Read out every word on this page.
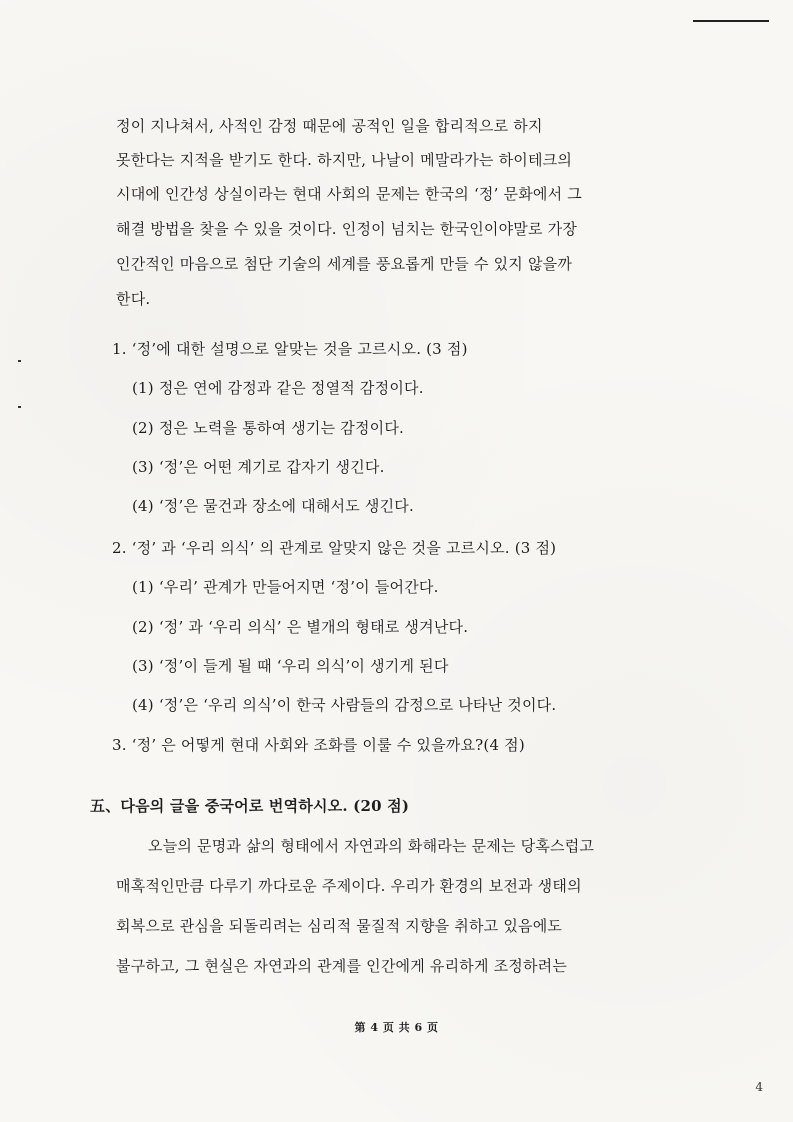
정이 지나쳐서, 사적인 감정 때문에 공적인 일을 합리적으로 하지
못한다는 지적을 받기도 한다. 하지만, 나날이 메말라가는 하이테크의
시대에 인간성 상실이라는 현대 사회의 문제는 한국의 ‘정’ 문화에서 그
해결 방법을 찾을 수 있을 것이다. 인정이 넘치는 한국인이야말로 가장
인간적인 마음으로 첨단 기술의 세계를 풍요롭게 만들 수 있지 않을까
한다.
1. ‘정’에 대한 설명으로 알맞는 것을 고르시오. (3 점)
(1) 정은 연에 감정과 같은 정열적 감정이다.
(2) 정은 노력을 통하여 생기는 감정이다.
(3) ‘정’은 어떤 계기로 갑자기 생긴다.
(4) ‘정’은 물건과 장소에 대해서도 생긴다.
2. ‘정’ 과 ‘우리 의식’ 의 관계로 알맞지 않은 것을 고르시오. (3 점)
(1) ‘우리’ 관계가 만들어지면 ‘정’이 들어간다.
(2) ‘정’ 과 ‘우리 의식’ 은 별개의 형태로 생겨난다.
(3) ‘정’이 들게 될 때 ‘우리 의식’이 생기게 된다
(4) ‘정’은 ‘우리 의식’이 한국 사람들의 감정으로 나타난 것이다.
3. ‘정’ 은 어떻게 현대 사회와 조화를 이룰 수 있을까요?(4 점)
五、다음의 글을 중국어로 번역하시오. (20 점)
오늘의 문명과 삶의 형태에서 자연과의 화해라는 문제는 당혹스럽고
매혹적인만큼 다루기 까다로운 주제이다. 우리가 환경의 보전과 생태의
회복으로 관심을 되돌리려는 심리적 물질적 지향을 취하고 있음에도
불구하고, 그 현실은 자연과의 관계를 인간에게 유리하게 조정하려는
第 4 页 共 6 页
4
